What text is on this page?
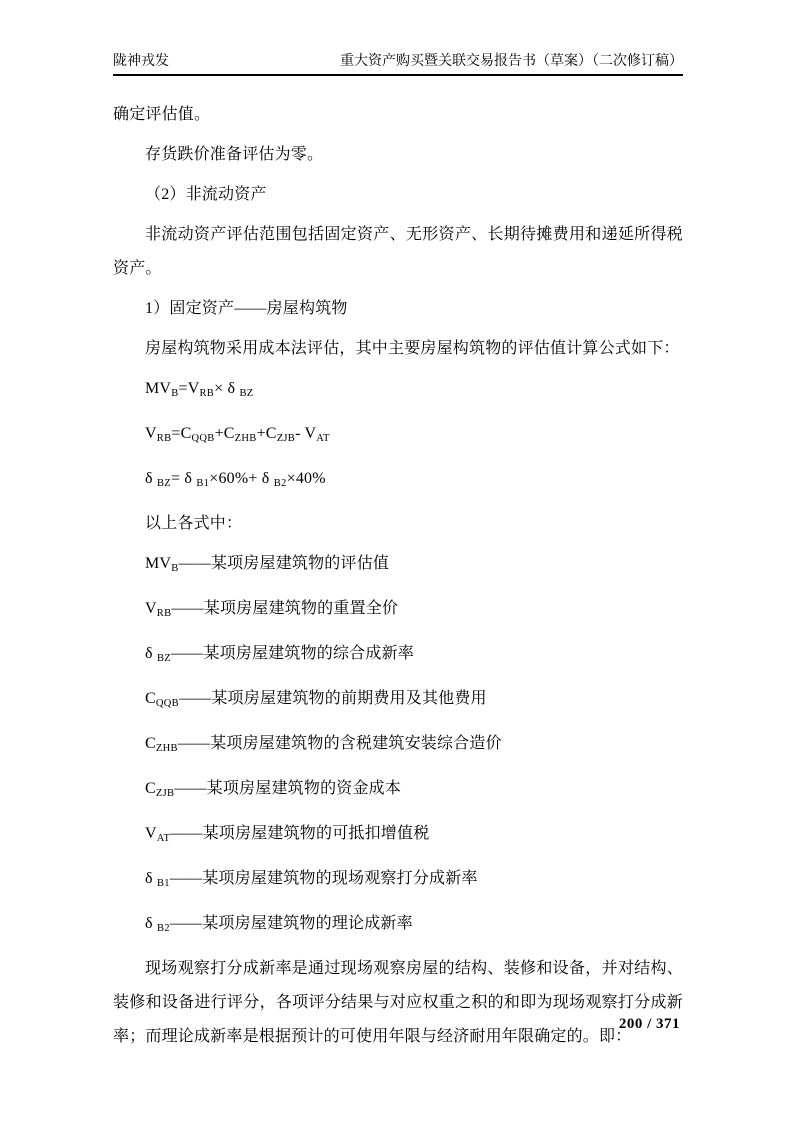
陇神戎发	重大资产购买暨关联交易报告书（草案）（二次修订稿）

确定评估值。

存货跌价准备评估为零。

（2）非流动资产

非流动资产评估范围包括固定资产、无形资产、长期待摊费用和递延所得税资产。

1）固定资产——房屋构筑物

房屋构筑物采用成本法评估，其中主要房屋构筑物的评估值计算公式如下：

$MV_B=V_{RB}\times \delta$ $_{BZ}$

$V_{RB}=C_{QQB}+C_{ZHB}+C_{ZJB}-$ $V_{AT}$

δ $_{BZ}$= δ $_{B1}$×60%+ δ $_{B2}$×40%

以上各式中：

$MV_B——$某项房屋建筑物的评估值

$V_{RB}——$某项房屋建筑物的重置全价

δ $_{BZ}$——某项房屋建筑物的综合成新率

$C_{QQB}——$某项房屋建筑物的前期费用及其他费用

$C_{ZHB}——$某项房屋建筑物的含税建筑安装综合造价

$C_{ZJB}——$某项房屋建筑物的资金成本

$V_{AT}——$某项房屋建筑物的可抵扣增值税

δ $_{B1}$——某项房屋建筑物的现场观察打分成新率

δ $_{B2}$——某项房屋建筑物的理论成新率

现场观察打分成新率是通过现场观察房屋的结构、装修和设备，并对结构、装修和设备进行评分，各项评分结果与对应权重之积的和即为现场观察打分成新率；而理论成新率是根据预计的可使用年限与经济耐用年限确定的。即：

200 / 371
